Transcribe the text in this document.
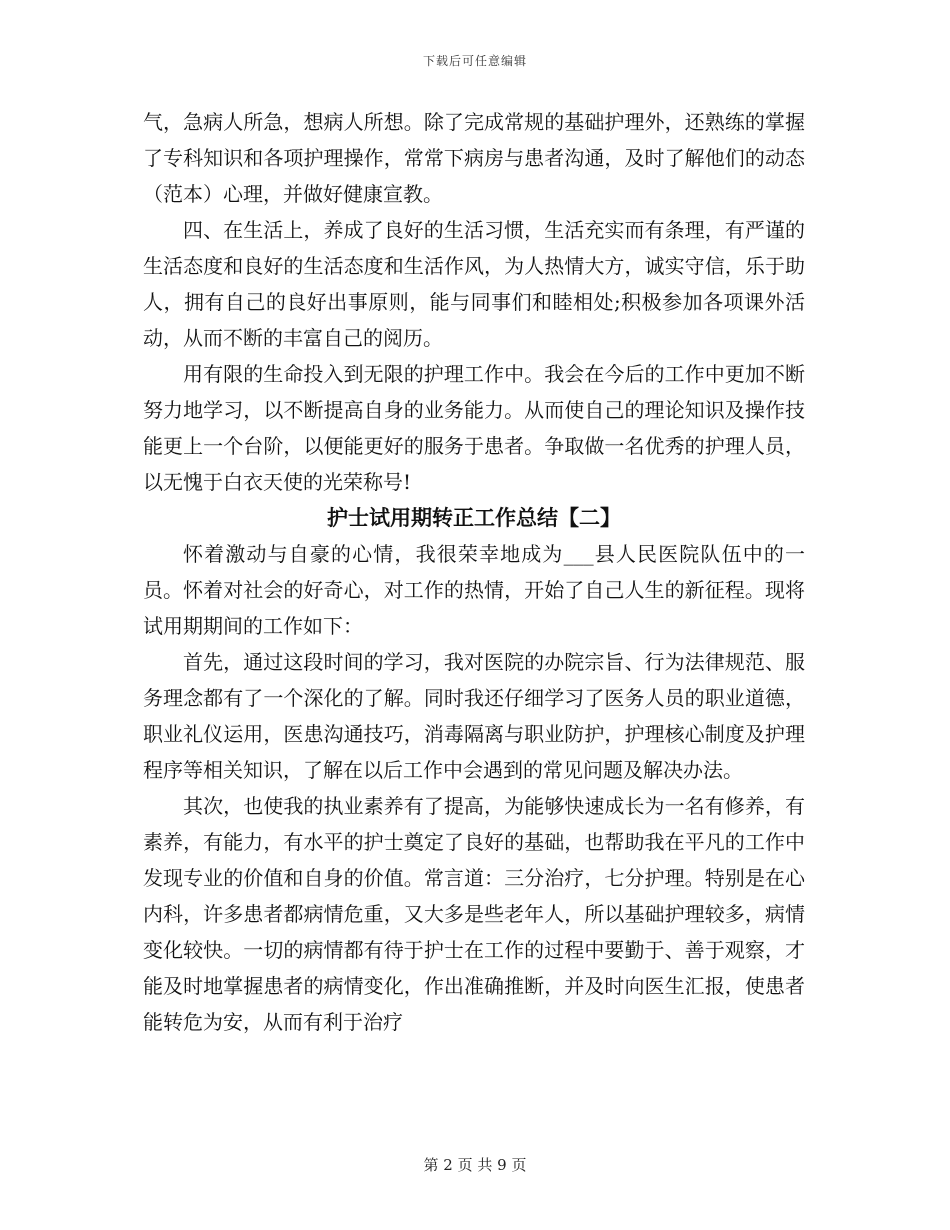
下载后可任意编辑

气，急病人所急，想病人所想。除了完成常规的基础护理外，还熟练的掌握了专科知识和各项护理操作，常常下病房与患者沟通，及时了解他们的动态（范本）心理，并做好健康宣教。

四、在生活上，养成了良好的生活习惯，生活充实而有条理，有严谨的生活态度和良好的生活态度和生活作风，为人热情大方，诚实守信，乐于助人，拥有自己的良好出事原则，能与同事们和睦相处;积极参加各项课外活动，从而不断的丰富自己的阅历。

用有限的生命投入到无限的护理工作中。我会在今后的工作中更加不断努力地学习，以不断提高自身的业务能力。从而使自己的理论知识及操作技能更上一个台阶，以便能更好的服务于患者。争取做一名优秀的护理人员，以无愧于白衣天使的光荣称号!

护士试用期转正工作总结【二】

怀着激动与自豪的心情，我很荣幸地成为___县人民医院队伍中的一员。怀着对社会的好奇心，对工作的热情，开始了自己人生的新征程。现将试用期期间的工作如下：

首先，通过这段时间的学习，我对医院的办院宗旨、行为法律规范、服务理念都有了一个深化的了解。同时我还仔细学习了医务人员的职业道德，职业礼仪运用，医患沟通技巧，消毒隔离与职业防护，护理核心制度及护理程序等相关知识，了解在以后工作中会遇到的常见问题及解决办法。

其次，也使我的执业素养有了提高，为能够快速成长为一名有修养，有素养，有能力，有水平的护士奠定了良好的基础，也帮助我在平凡的工作中发现专业的价值和自身的价值。常言道：三分治疗，七分护理。特别是在心内科，许多患者都病情危重，又大多是些老年人，所以基础护理较多，病情变化较快。一切的病情都有待于护士在工作的过程中要勤于、善于观察，才能及时地掌握患者的病情变化，作出准确推断，并及时向医生汇报，使患者能转危为安，从而有利于治疗

第 2 页 共 9 页
